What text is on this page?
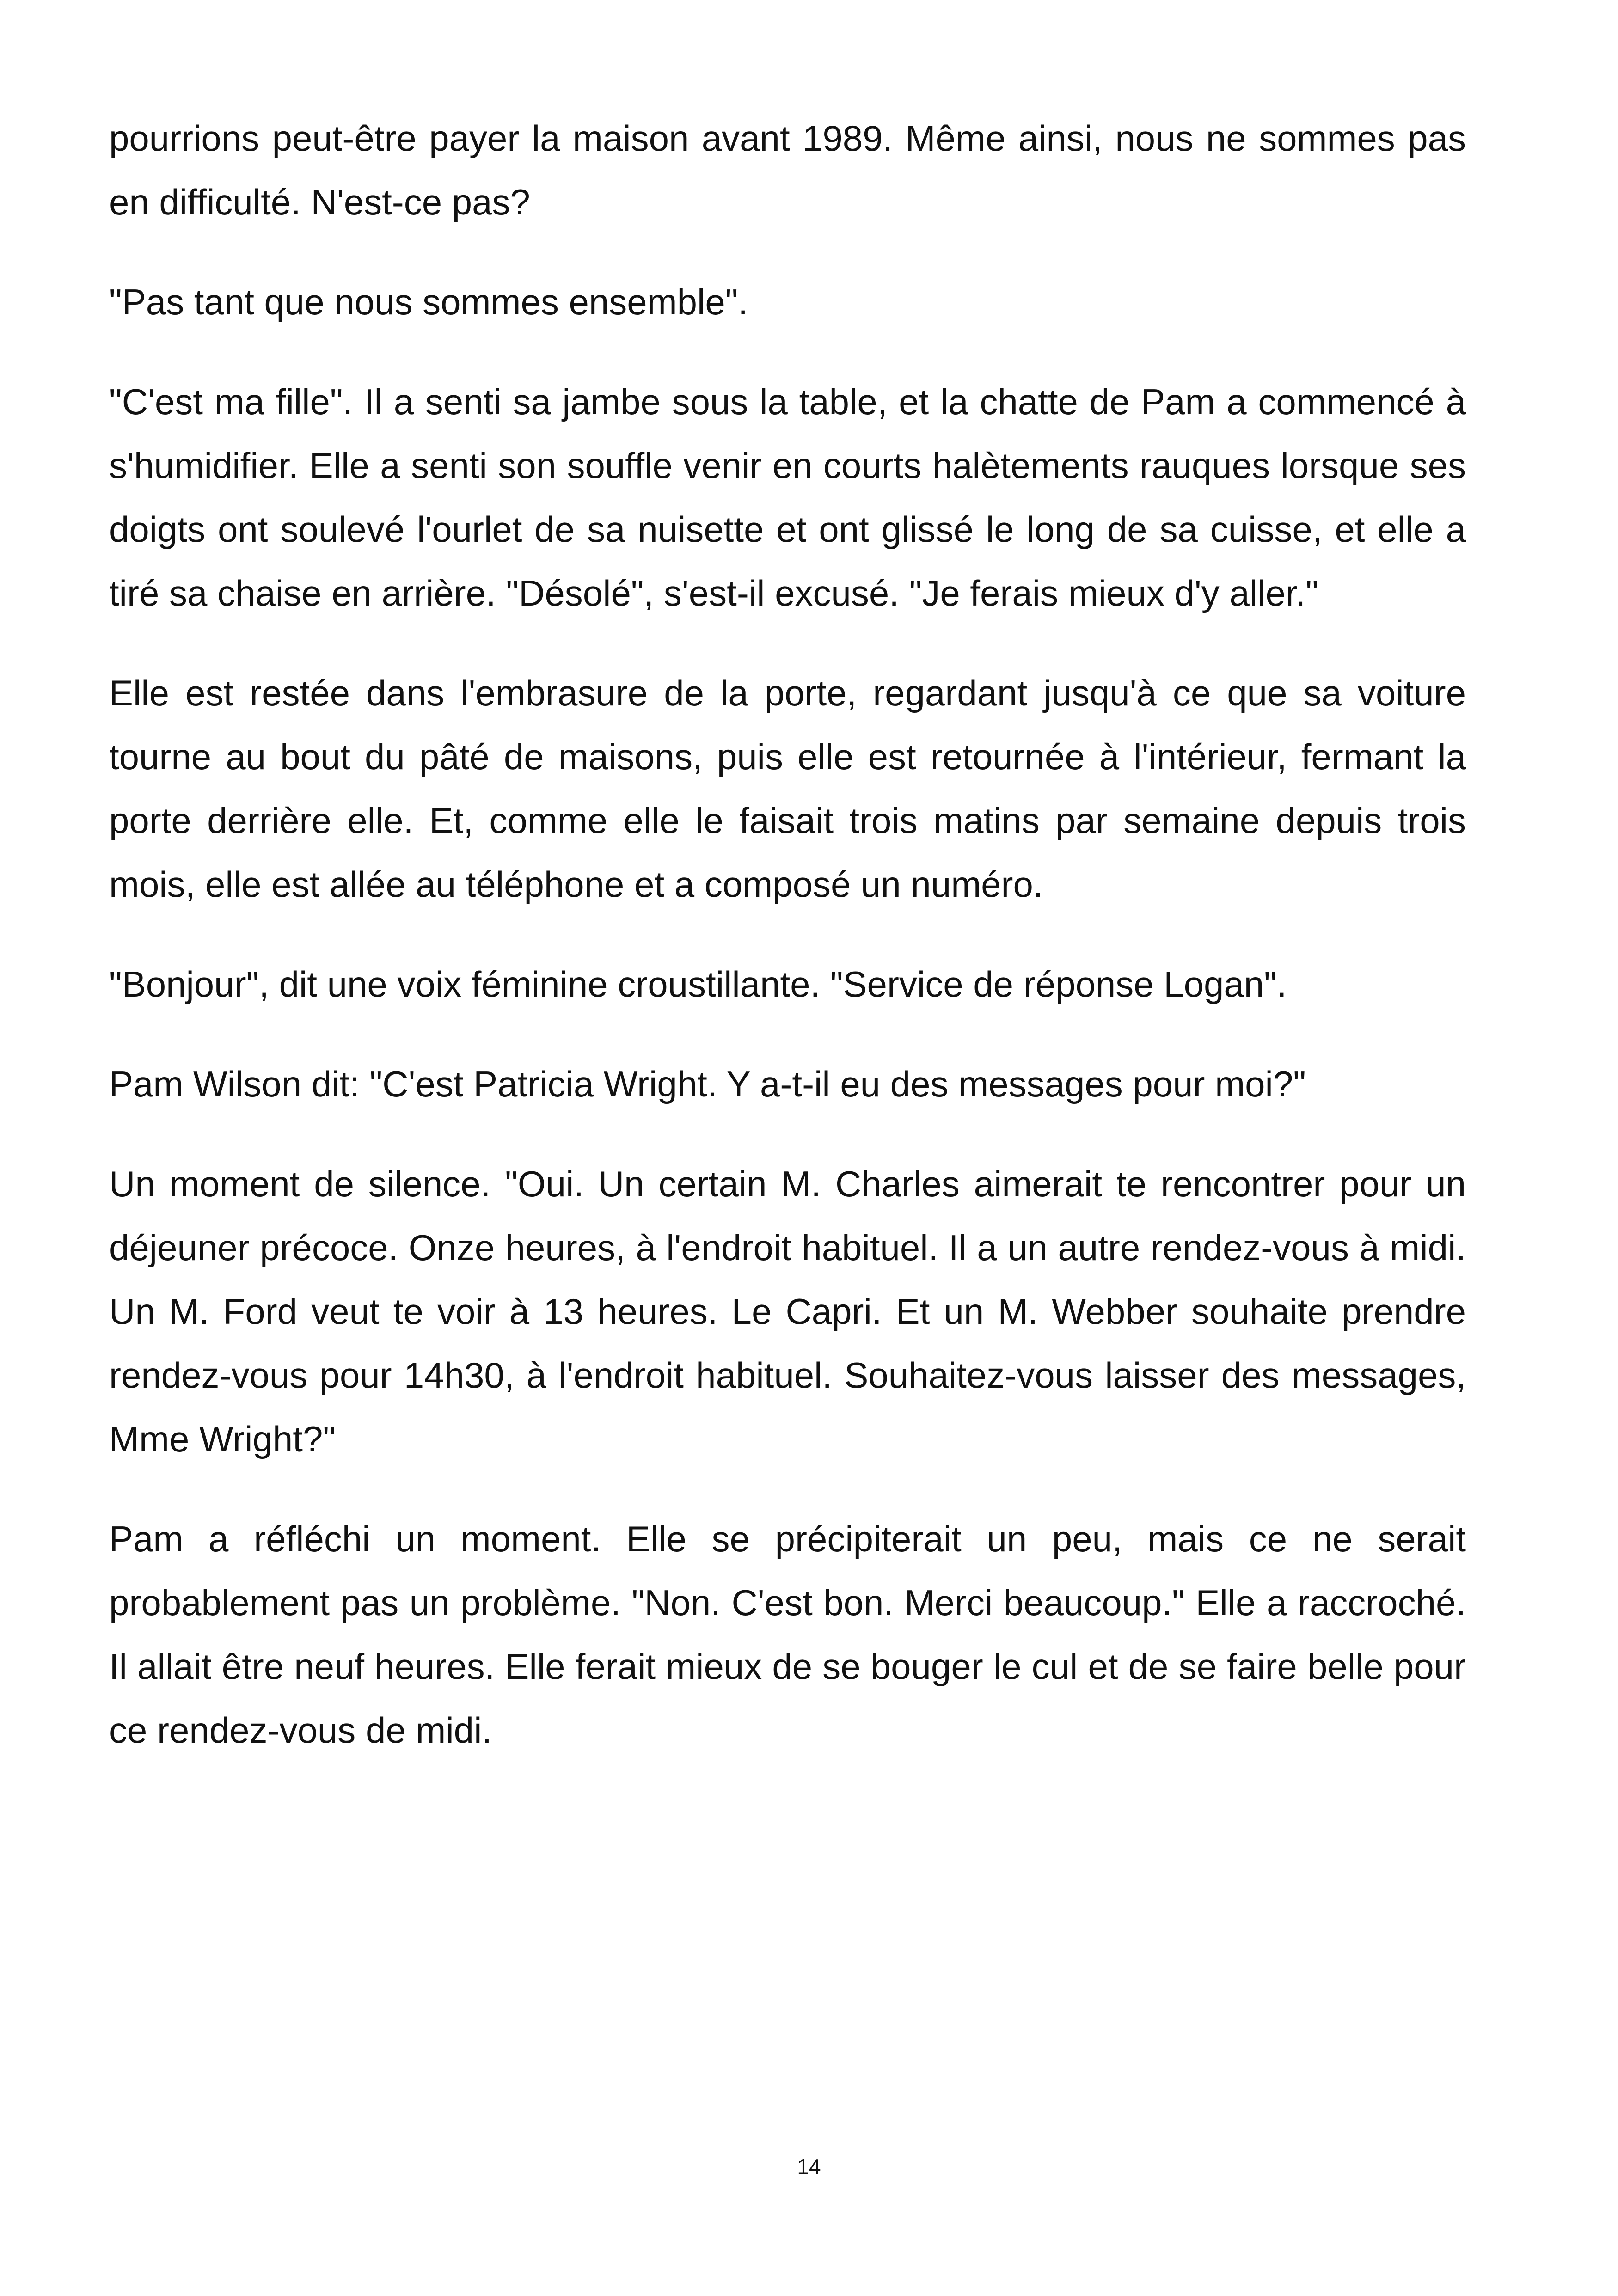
pourrions peut-être payer la maison avant 1989. Même ainsi, nous ne sommes pas en difficulté. N'est-ce pas?

"Pas tant que nous sommes ensemble".

"C'est ma fille". Il a senti sa jambe sous la table, et la chatte de Pam a commencé à s'humidifier. Elle a senti son souffle venir en courts halètements rauques lorsque ses doigts ont soulevé l'ourlet de sa nuisette et ont glissé le long de sa cuisse, et elle a tiré sa chaise en arrière. "Désolé", s'est-il excusé. "Je ferais mieux d'y aller."

Elle est restée dans l'embrasure de la porte, regardant jusqu'à ce que sa voiture tourne au bout du pâté de maisons, puis elle est retournée à l'intérieur, fermant la porte derrière elle. Et, comme elle le faisait trois matins par semaine depuis trois mois, elle est allée au téléphone et a composé un numéro.

"Bonjour", dit une voix féminine croustillante. "Service de réponse Logan".

Pam Wilson dit: "C'est Patricia Wright. Y a-t-il eu des messages pour moi?"

Un moment de silence. "Oui. Un certain M. Charles aimerait te rencontrer pour un déjeuner précoce. Onze heures, à l'endroit habituel. Il a un autre rendez-vous à midi. Un M. Ford veut te voir à 13 heures. Le Capri. Et un M. Webber souhaite prendre rendez-vous pour 14h30, à l'endroit habituel. Souhaitez-vous laisser des messages, Mme Wright?"

Pam a réfléchi un moment. Elle se précipiterait un peu, mais ce ne serait probablement pas un problème. "Non. C'est bon. Merci beaucoup." Elle a raccroché. Il allait être neuf heures. Elle ferait mieux de se bouger le cul et de se faire belle pour ce rendez-vous de midi.

14
